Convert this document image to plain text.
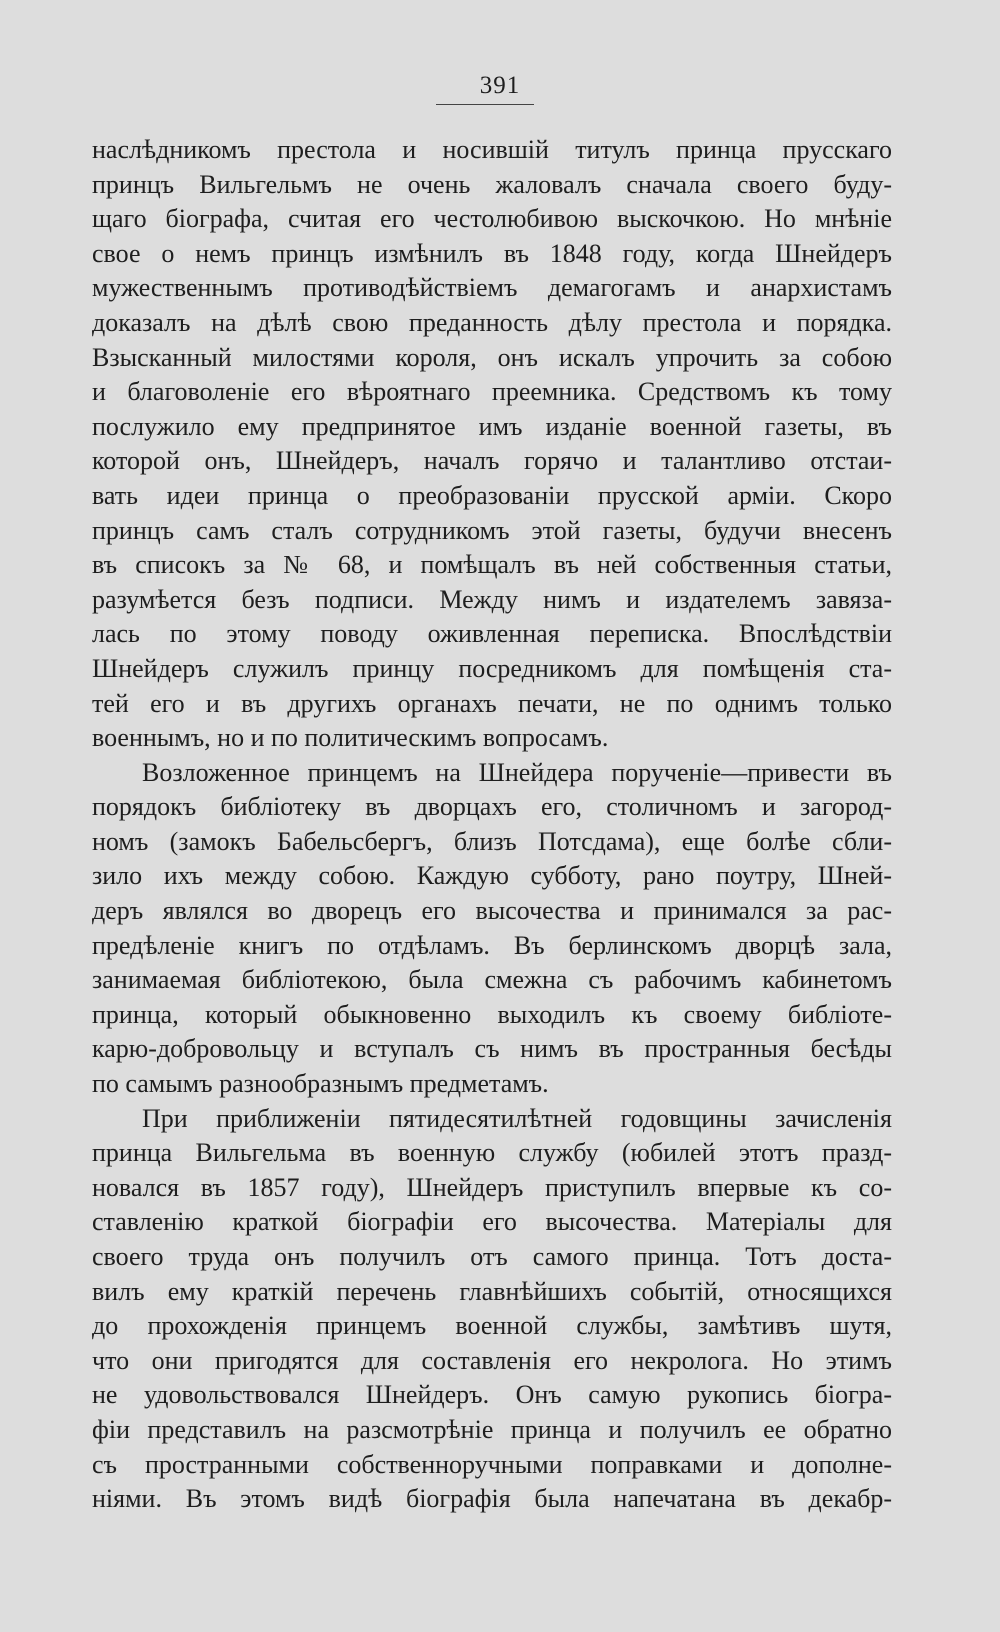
391
наслѣдникомъ престола и носившій титулъ принца прусскаго
принцъ Вильгельмъ не очень жаловалъ сначала своего буду-
щаго біографа, считая его честолюбивою выскочкою. Но мнѣніе
свое о немъ принцъ измѣнилъ въ 1848 году, когда Шнейдеръ
мужественнымъ противодѣйствіемъ демагогамъ и анархистамъ
доказалъ на дѣлѣ свою преданность дѣлу престола и порядка.
Взысканный милостями короля, онъ искалъ упрочить за собою
и благоволеніе его вѣроятнаго преемника. Средствомъ къ тому
послужило ему предпринятое имъ изданіе военной газеты, въ
которой онъ, Шнейдеръ, началъ горячо и талантливо отстаи-
вать идеи принца о преобразованіи прусской арміи. Скоро
принцъ самъ сталъ сотрудникомъ этой газеты, будучи внесенъ
въ списокъ за № 68, и помѣщалъ въ ней собственныя статьи,
разумѣется безъ подписи. Между нимъ и издателемъ завяза-
лась по этому поводу оживленная переписка. Впослѣдствіи
Шнейдеръ служилъ принцу посредникомъ для помѣщенія ста-
тей его и въ другихъ органахъ печати, не по однимъ только
военнымъ, но и по политическимъ вопросамъ.
Возложенное принцемъ на Шнейдера порученіе—привести въ
порядокъ библіотеку въ дворцахъ его, столичномъ и загород-
номъ (замокъ Бабельсбергъ, близъ Потсдама), еще болѣе сбли-
зило ихъ между собою. Каждую субботу, рано поутру, Шней-
деръ являлся во дворецъ его высочества и принимался за рас-
предѣленіе книгъ по отдѣламъ. Въ берлинскомъ дворцѣ зала,
занимаемая библіотекою, была смежна съ рабочимъ кабинетомъ
принца, который обыкновенно выходилъ къ своему библіоте-
карю-добровольцу и вступалъ съ нимъ въ пространныя бесѣды
по самымъ разнообразнымъ предметамъ.
При приближеніи пятидесятилѣтней годовщины зачисленія
принца Вильгельма въ военную службу (юбилей этотъ празд-
новался въ 1857 году), Шнейдеръ приступилъ впервые къ со-
ставленію краткой біографіи его высочества. Матеріалы для
своего труда онъ получилъ отъ самого принца. Тотъ доста-
вилъ ему краткій перечень главнѣйшихъ событій, относящихся
до прохожденія принцемъ военной службы, замѣтивъ шутя,
что они пригодятся для составленія его некролога. Но этимъ
не удовольствовался Шнейдеръ. Онъ самую рукопись біогра-
фіи представилъ на разсмотрѣніе принца и получилъ ее обратно
съ пространными собственноручными поправками и дополне-
ніями. Въ этомъ видѣ біографія была напечатана въ декабр-
